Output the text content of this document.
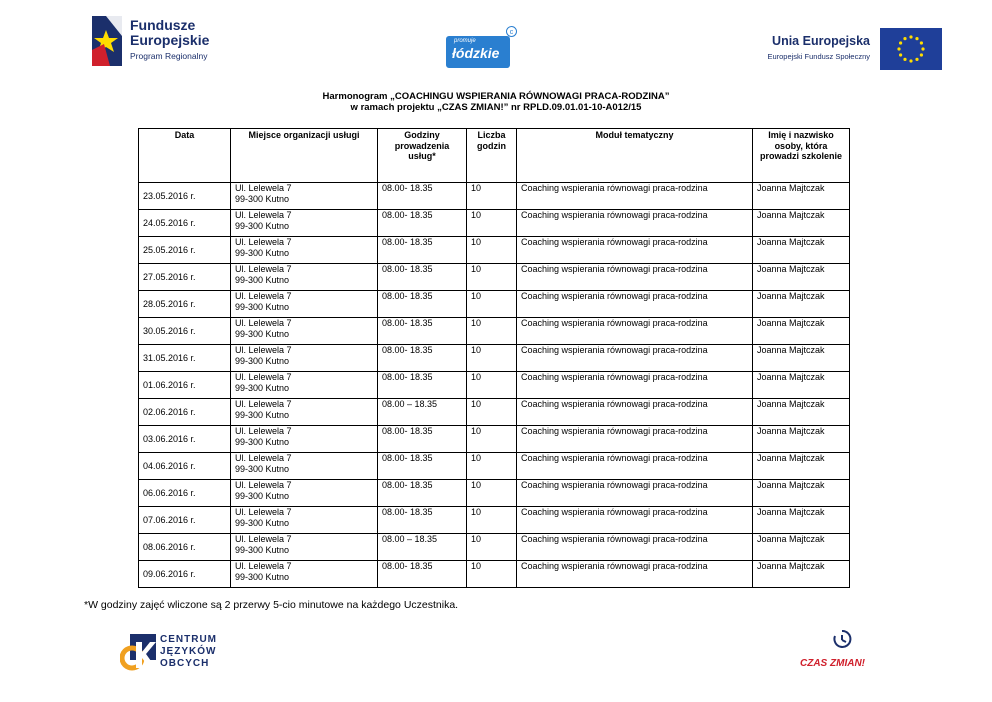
Fundusze
Europejskie
Program Regionalny
promuje
łódzkie
c
Unia Europejska
Europejski Fundusz Społeczny
Harmonogram „COACHINGU WSPIERANIA RÓWNOWAGI PRACA-RODZINA”
w ramach projektu „CZAS ZMIAN!” nr RPLD.09.01.01-10-A012/15
Data	Miejsce organizacji usługi	Godziny prowadzenia usług*	Liczba godzin	Moduł tematyczny	Imię i nazwisko osoby, która prowadzi szkolenie
23.05.2016 r.	Ul. Lelewela 7
99-300 Kutno	08.00- 18.35	10	Coaching wspierania równowagi praca-rodzina	Joanna Majtczak
24.05.2016 r.	Ul. Lelewela 7
99-300 Kutno	08.00- 18.35	10	Coaching wspierania równowagi praca-rodzina	Joanna Majtczak
25.05.2016 r.	Ul. Lelewela 7
99-300 Kutno	08.00- 18.35	10	Coaching wspierania równowagi praca-rodzina	Joanna Majtczak
27.05.2016 r.	Ul. Lelewela 7
99-300 Kutno	08.00- 18.35	10	Coaching wspierania równowagi praca-rodzina	Joanna Majtczak
28.05.2016 r.	Ul. Lelewela 7
99-300 Kutno	08.00- 18.35	10	Coaching wspierania równowagi praca-rodzina	Joanna Majtczak
30.05.2016 r.	Ul. Lelewela 7
99-300 Kutno	08.00- 18.35	10	Coaching wspierania równowagi praca-rodzina	Joanna Majtczak
31.05.2016 r.	Ul. Lelewela 7
99-300 Kutno	08.00- 18.35	10	Coaching wspierania równowagi praca-rodzina	Joanna Majtczak
01.06.2016 r.	Ul. Lelewela 7
99-300 Kutno	08.00- 18.35	10	Coaching wspierania równowagi praca-rodzina	Joanna Majtczak
02.06.2016 r.	Ul. Lelewela 7
99-300 Kutno	08.00 – 18.35	10	Coaching wspierania równowagi praca-rodzina	Joanna Majtczak
03.06.2016 r.	Ul. Lelewela 7
99-300 Kutno	08.00- 18.35	10	Coaching wspierania równowagi praca-rodzina	Joanna Majtczak
04.06.2016 r.	Ul. Lelewela 7
99-300 Kutno	08.00- 18.35	10	Coaching wspierania równowagi praca-rodzina	Joanna Majtczak
06.06.2016 r.	Ul. Lelewela 7
99-300 Kutno	08.00- 18.35	10	Coaching wspierania równowagi praca-rodzina	Joanna Majtczak
07.06.2016 r.	Ul. Lelewela 7
99-300 Kutno	08.00- 18.35	10	Coaching wspierania równowagi praca-rodzina	Joanna Majtczak
08.06.2016 r.	Ul. Lelewela 7
99-300 Kutno	08.00 – 18.35	10	Coaching wspierania równowagi praca-rodzina	Joanna Majtczak
09.06.2016 r.	Ul. Lelewela 7
99-300 Kutno	08.00- 18.35	10	Coaching wspierania równowagi praca-rodzina	Joanna Majtczak
*W godziny zajęć wliczone są 2 przerwy 5-cio minutowe na każdego Uczestnika.
CENTRUM
JĘZYKÓW
OBCYCH	CZAS ZMIAN!
